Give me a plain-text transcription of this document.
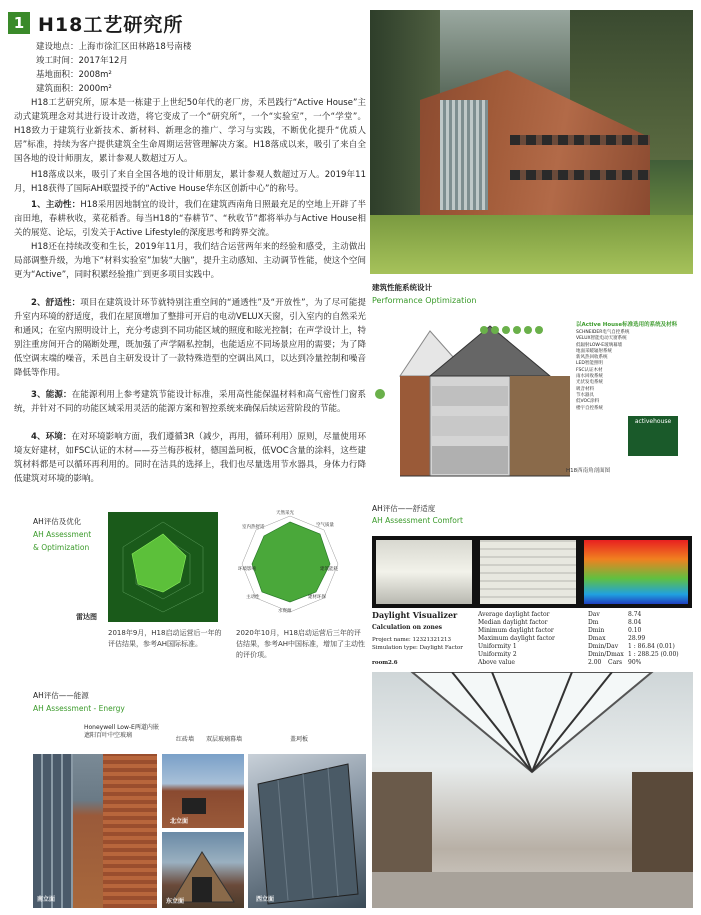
1 H18工艺研究所
建设地点：上海市徐汇区田林路18号南楼
竣工时间：2017年12月
基地面积：2008m²
建筑面积：2000m²
H18工艺研究所，原本是一栋建于上世纪50年代的老厂房，禾邑践行“Active House”主动式建筑理念对其进行设计改造，将它变成了一个“研究所”，一个“实验室”，一个“学堂”。H18致力于建筑行业新技术、新材料、新理念的推广、学习与实践，不断优化提升“优质人居”标准，持续为客户提供建筑全生命周期运营管理解决方案。H18落成以来，吸引了来自全国各地的设计师朋友，累计参观人数超过万人。
H18落成以来，吸引了来自全国各地的设计师朋友，累计参观人数超过万人。2019年11月，H18获得了国际AH联盟授予的“Active House华东区创新中心”的称号。
1、主动性：H18采用因地制宜的设计，我们在建筑西南角日照最充足的空地上开辟了半亩田地，春耕秋收，菜花稻香。每当H18的“春耕节”、“秋收节”都将举办与Active House相关的展览、论坛，引发关于Active Lifestyle的深度思考和跨界交流。
H18还在持续改变和生长，2019年11月，我们结合运营两年来的经验和感受，主动做出局部调整升级，为地下“材料实验室”加装“大脑”，提升主动感知、主动调节性能，使这个空间更为“Active”，同时积累经验推广到更多项目实践中。
2、舒适性：项目在建筑设计环节就特别注重空间的“通透性”及“开放性”，为了尽可能提升室内环境的舒适度，我们在屋顶增加了整排可开启的电动VELUX天窗，引入室内的自然采光和通风；在室内照明设计上，充分考虑到不同功能区域的照度和眩光控制；在声学设计上，特别注重房间开合的隔断处理，既加强了声学隔私控制，也能适应不同场景应用的需要；为了降低空调末端的噪音，禾邑自主研发设计了一款特殊造型的空调出风口，以达到冷量控制和噪音降低等作用。
3、能源：在能源利用上参考建筑节能设计标准，采用高性能保温材料和高气密性门窗系统，并针对不同的功能区域采用灵活的能源方案和智控系统来确保后续运营阶段的节能。
4、环境：在对环境影响方面，我们遵循3R（减少，再用，循环利用）原则，尽量使用环境友好建材，如FSC认证的木材——芬兰梅莎板材，德国盖珂板，低VOC含量的涂料，这些建筑材料都是可以循环再利用的。同时在洁具的选择上，我们也尽量选用节水器具，身体力行降低建筑对环境的影响。
建筑性能系统设计
Performance Optimization
以Active House标准选用的系统及材料
SCHNEIDER电气自控系统
VELUX智能电动天窗系统
低辐射LOW-E玻璃幕墙
地面采暖辐射系统
新风热回收系统
LED智能照明
FSC认证木材
雨水回收系统
光伏发电系统
吸音材料
节水器具
低VOC涂料
楼宇自控系统
activehouse
H18西南角剖面图
AH评估及优化
AH Assessment
& Optimization
雷达图
2018年9月，H18启动运营后一年的评估结果，参考AH国际标准。
天然采光
空气质量
建筑能耗
建材环保
水资源
主动性
环境影响
室内热舒适
2020年10月，H18启动运营后三年的评估结果，参考AH中国标准，增加了主动性的评价项。
AH评估——舒适度
AH Assessment Comfort
Daylight Visualizer
Calculation on zones
Project name: 12321321213
Simulation type: Daylight Factor
room2.6
Average daylight factor	Dav	8.74
Median daylight factor	Dm	8.04
Minimum daylight factor	Dmin	0.10
Maximum daylight factor	Dmax	28.99
Uniformity 1	Dmin/Dav	1 : 86.84 (0.01)
Uniformity 2	Dmin/Dmax 1 : 288.25 (0.00)
Above value	2.00	Cars 90%
AH评估——能源
AH Assessment - Energy
Honeywell Low-E两道内嵌遮阳百叶中空玻璃
红砖墙 双层玻璃幕墙	盖珂板
南立面
北立面
东立面	西立面
